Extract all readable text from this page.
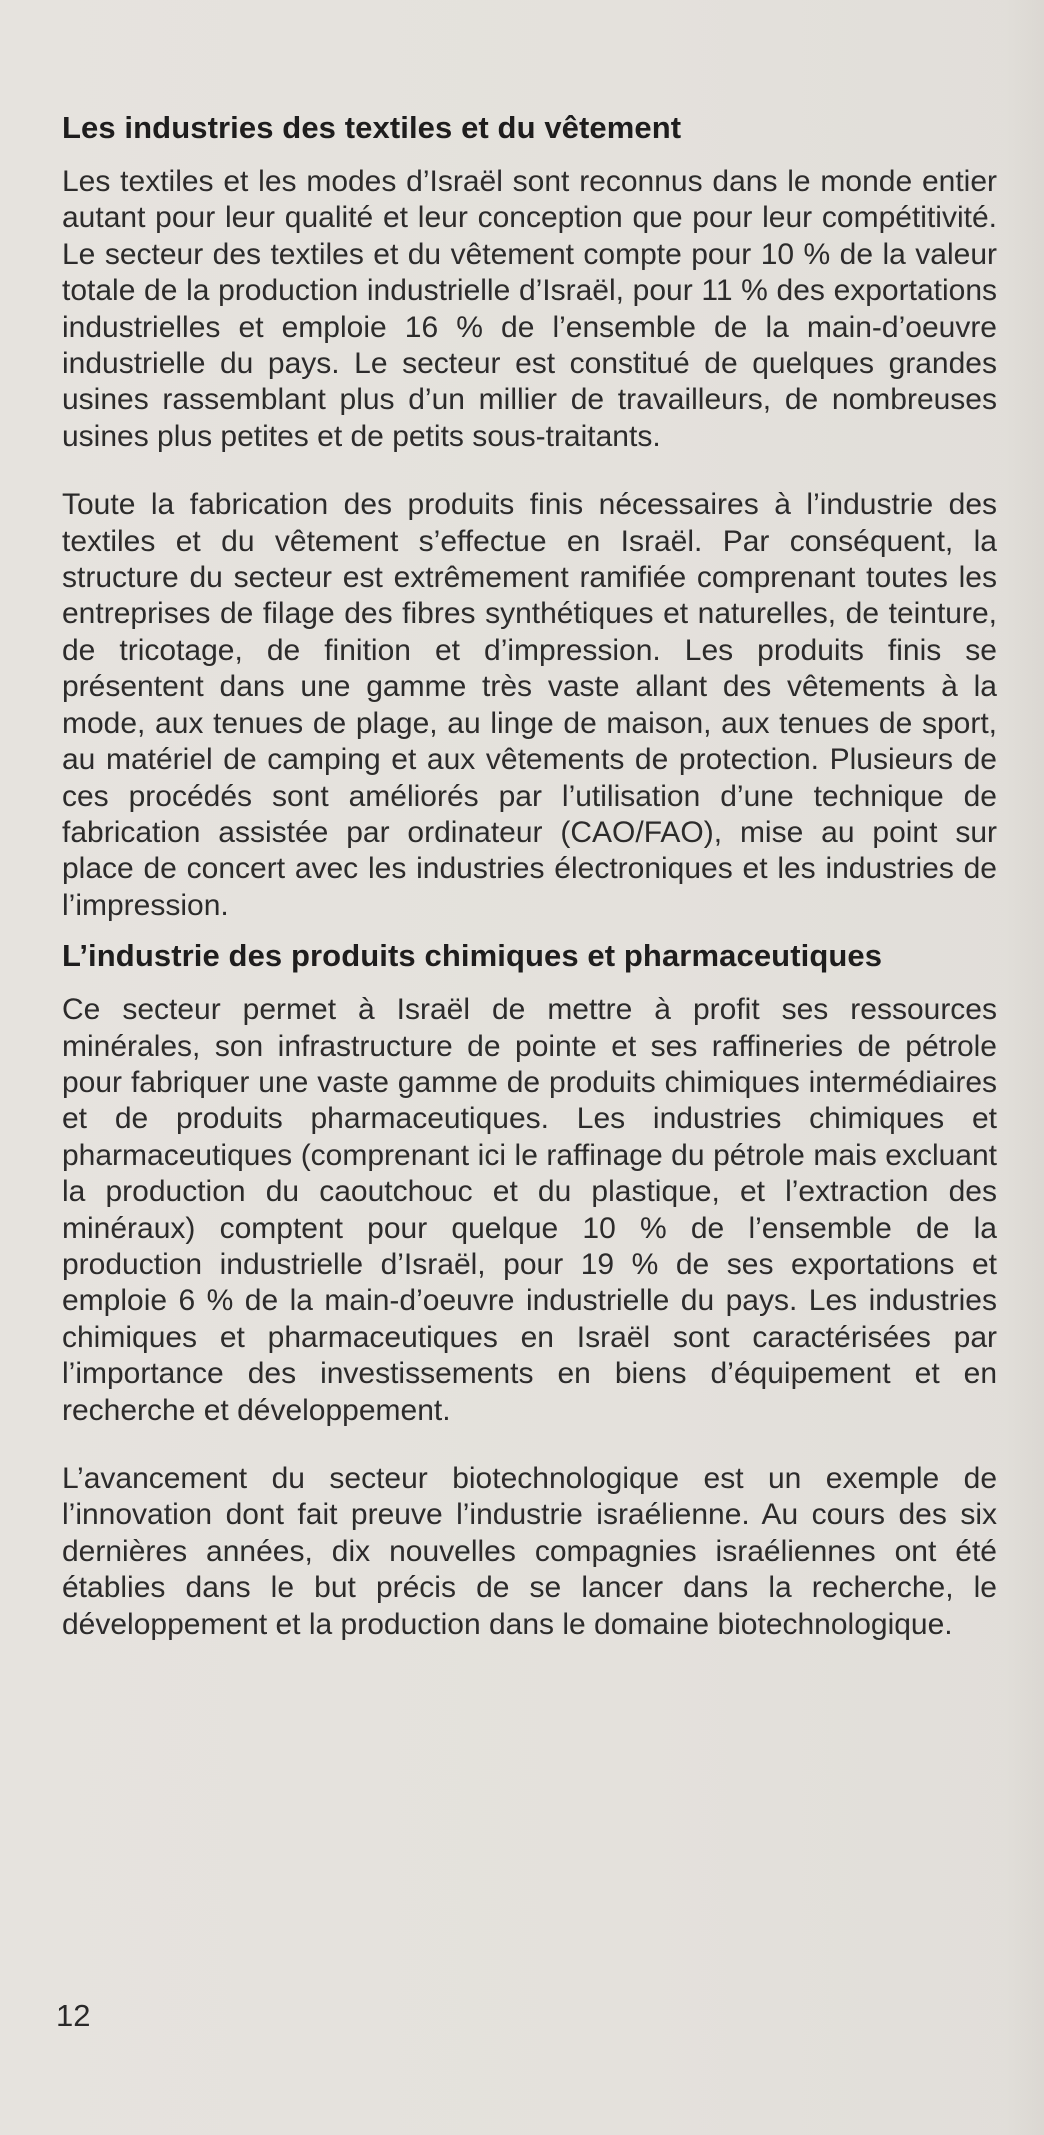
Les industries des textiles et du vêtement

Les textiles et les modes d’Israël sont reconnus dans le monde entier autant pour leur qualité et leur conception que pour leur compétitivité. Le secteur des textiles et du vêtement compte pour 10 % de la valeur totale de la production industrielle d’Israël, pour 11 % des exportations industrielles et emploie 16 % de l’ensemble de la main-d’oeuvre industrielle du pays. Le secteur est constitué de quelques grandes usines rassemblant plus d’un millier de travailleurs, de nombreuses usines plus petites et de petits sous-traitants.

Toute la fabrication des produits finis nécessaires à l’industrie des textiles et du vêtement s’effectue en Israël. Par conséquent, la structure du secteur est extrêmement ramifiée comprenant toutes les entreprises de filage des fibres synthétiques et naturelles, de teinture, de tricotage, de finition et d’impression. Les produits finis se présentent dans une gamme très vaste allant des vêtements à la mode, aux tenues de plage, au linge de maison, aux tenues de sport, au matériel de camping et aux vêtements de protection. Plusieurs de ces procédés sont améliorés par l’utilisation d’une technique de fabrication assistée par ordinateur (CAO/FAO), mise au point sur place de concert avec les industries électroniques et les industries de l’impression.

L’industrie des produits chimiques et pharmaceutiques

Ce secteur permet à Israël de mettre à profit ses ressources minérales, son infrastructure de pointe et ses raffineries de pétrole pour fabriquer une vaste gamme de produits chimiques intermédiaires et de produits pharmaceutiques. Les industries chimiques et pharmaceutiques (comprenant ici le raffinage du pétrole mais excluant la production du caoutchouc et du plastique, et l’extraction des minéraux) comptent pour quelque 10 % de l’ensemble de la production industrielle d’Israël, pour 19 % de ses exportations et emploie 6 % de la main-d’oeuvre industrielle du pays. Les industries chimiques et pharmaceutiques en Israël sont caractérisées par l’importance des investissements en biens d’équipement et en recherche et développement.

L’avancement du secteur biotechnologique est un exemple de l’innovation dont fait preuve l’industrie israélienne. Au cours des six dernières années, dix nouvelles compagnies israéliennes ont été établies dans le but précis de se lancer dans la recherche, le développement et la production dans le domaine biotechnologique.

12
